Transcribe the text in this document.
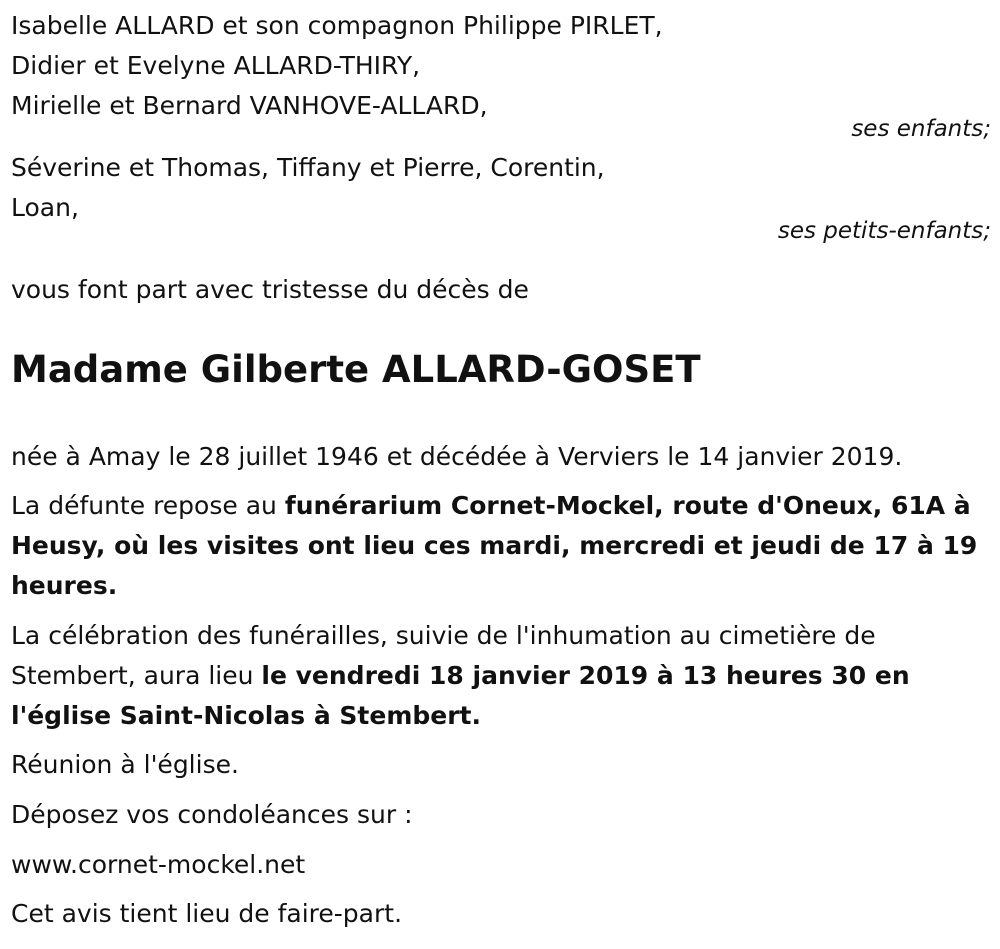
Isabelle ALLARD et son compagnon Philippe PIRLET,
Didier et Evelyne ALLARD-THIRY,
Mirielle et Bernard VANHOVE-ALLARD,
ses enfants;
Séverine et Thomas, Tiffany et Pierre, Corentin,
Loan,
ses petits-enfants;
vous font part avec tristesse du décès de
Madame Gilberte ALLARD-GOSET
née à Amay le 28 juillet 1946 et décédée à Verviers le 14 janvier 2019.
La défunte repose au funérarium Cornet-Mockel, route d'Oneux, 61A à Heusy, où les visites ont lieu ces mardi, mercredi et jeudi de 17 à 19 heures.
La célébration des funérailles, suivie de l'inhumation au cimetière de Stembert, aura lieu le vendredi 18 janvier 2019 à 13 heures 30 en l'église Saint-Nicolas à Stembert.
Réunion à l'église.
Déposez vos condoléances sur :
www.cornet-mockel.net
Cet avis tient lieu de faire-part.
